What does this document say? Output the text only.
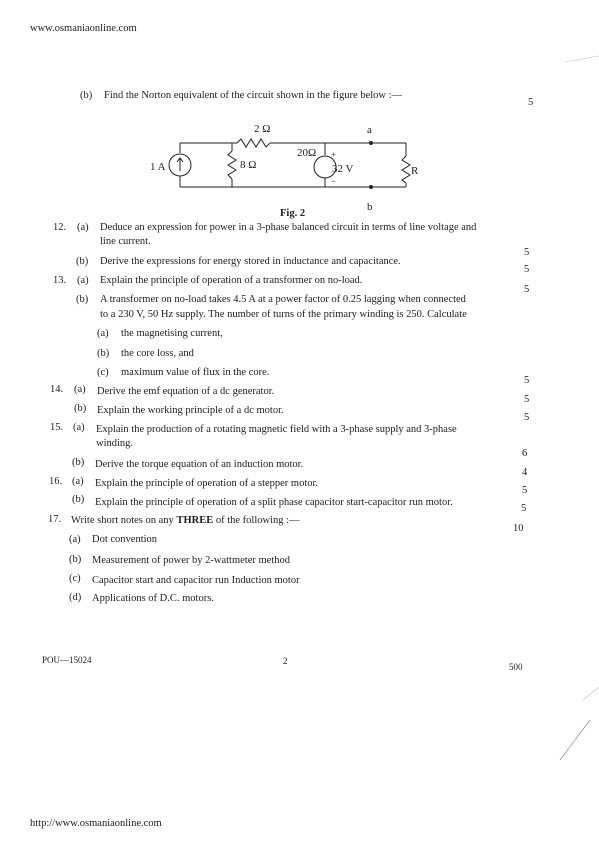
www.osmaniaonline.com
(b) Find the Norton equivalent of the circuit shown in the figure below :—
5
2 Ω
8 Ω
20Ω
1 A	32 V
+
−
a
b
R
Fig. 2
12. (a) Deduce an expression for power in a 3-phase balanced circuit in terms of line voltage and
line current.
5
(b) Derive the expressions for energy stored in inductance and capacitance.
5
13. (a) Explain the principle of operation of a transformer on no-load.
5
(b) A transformer on no-load takes 4.5 A at a power factor of 0.25 lagging when connected
to a 230 V, 50 Hz supply. The number of turns of the primary winding is 250. Calculate
(a) the magnetising current,
(b) the core loss, and
(c) maximum value of flux in the core.
5
14. (a) Derive the emf equation of a dc generator.
5
(b) Explain the working principle of a dc motor.
5
15. (a) Explain the production of a rotating magnetic field with a 3-phase supply and 3-phase
winding.
6
(b) Derive the torque equation of an induction motor.
4
16. (a) Explain the principle of operation of a stepper motor.
5
(b) Explain the principle of operation of a split phase capacitor start-capacitor run motor.
5
17. Write short notes on any THREE of the following :—
10
(a) Dot convention
(b) Measurement of power by 2-wattmeter method
(c) Capacitor start and capacitor run Induction motor
(d) Applications of D.C. motors.
POU—15024	2
500
http://www.osmaniaonline.com
